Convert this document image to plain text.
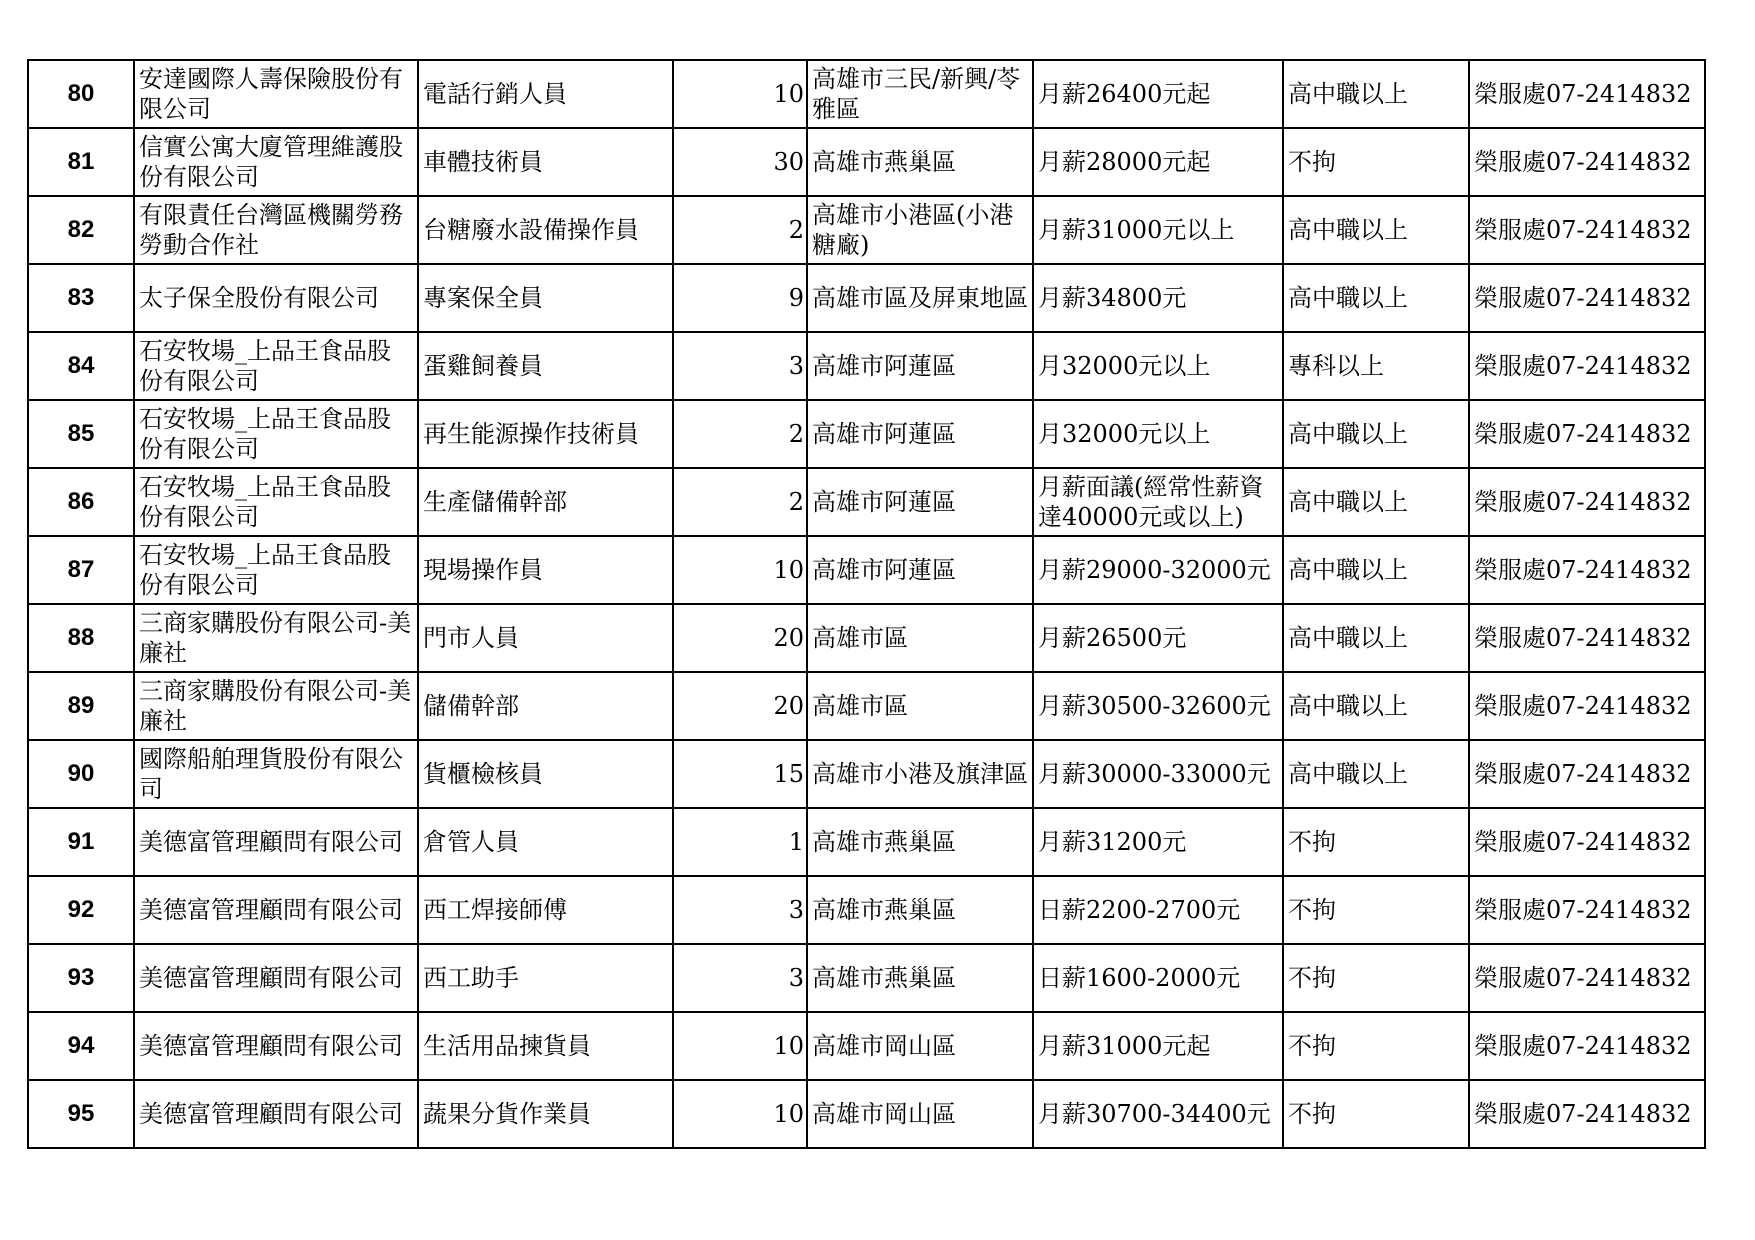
80	安達國際人壽保險股份有限公司	電話行銷人員	10	高雄市三民/新興/苓雅區	月薪26400元起	高中職以上	榮服處07-2414832
81	信實公寓大廈管理維護股份有限公司	車體技術員	30	高雄市燕巢區	月薪28000元起	不拘	榮服處07-2414832
82	有限責任台灣區機關勞務勞動合作社	台糖廢水設備操作員	2	高雄市小港區(小港糖廠)	月薪31000元以上	高中職以上	榮服處07-2414832
83	太子保全股份有限公司	專案保全員	9	高雄市區及屏東地區	月薪34800元	高中職以上	榮服處07-2414832
84	石安牧場_上品王食品股份有限公司	蛋雞飼養員	3	高雄市阿蓮區	月32000元以上	專科以上	榮服處07-2414832
85	石安牧場_上品王食品股份有限公司	再生能源操作技術員	2	高雄市阿蓮區	月32000元以上	高中職以上	榮服處07-2414832
86	石安牧場_上品王食品股份有限公司	生產儲備幹部	2	高雄市阿蓮區	月薪面議(經常性薪資達40000元或以上)	高中職以上	榮服處07-2414832
87	石安牧場_上品王食品股份有限公司	現場操作員	10	高雄市阿蓮區	月薪29000-32000元	高中職以上	榮服處07-2414832
88	三商家購股份有限公司-美廉社	門市人員	20	高雄市區	月薪26500元	高中職以上	榮服處07-2414832
89	三商家購股份有限公司-美廉社	儲備幹部	20	高雄市區	月薪30500-32600元	高中職以上	榮服處07-2414832
90	國際船舶理貨股份有限公司	貨櫃檢核員	15	高雄市小港及旗津區	月薪30000-33000元	高中職以上	榮服處07-2414832
91	美德富管理顧問有限公司	倉管人員	1	高雄市燕巢區	月薪31200元	不拘	榮服處07-2414832
92	美德富管理顧問有限公司	西工焊接師傅	3	高雄市燕巢區	日薪2200-2700元	不拘	榮服處07-2414832
93	美德富管理顧問有限公司	西工助手	3	高雄市燕巢區	日薪1600-2000元	不拘	榮服處07-2414832
94	美德富管理顧問有限公司	生活用品揀貨員	10	高雄市岡山區	月薪31000元起	不拘	榮服處07-2414832
95	美德富管理顧問有限公司	蔬果分貨作業員	10	高雄市岡山區	月薪30700-34400元	不拘	榮服處07-2414832
